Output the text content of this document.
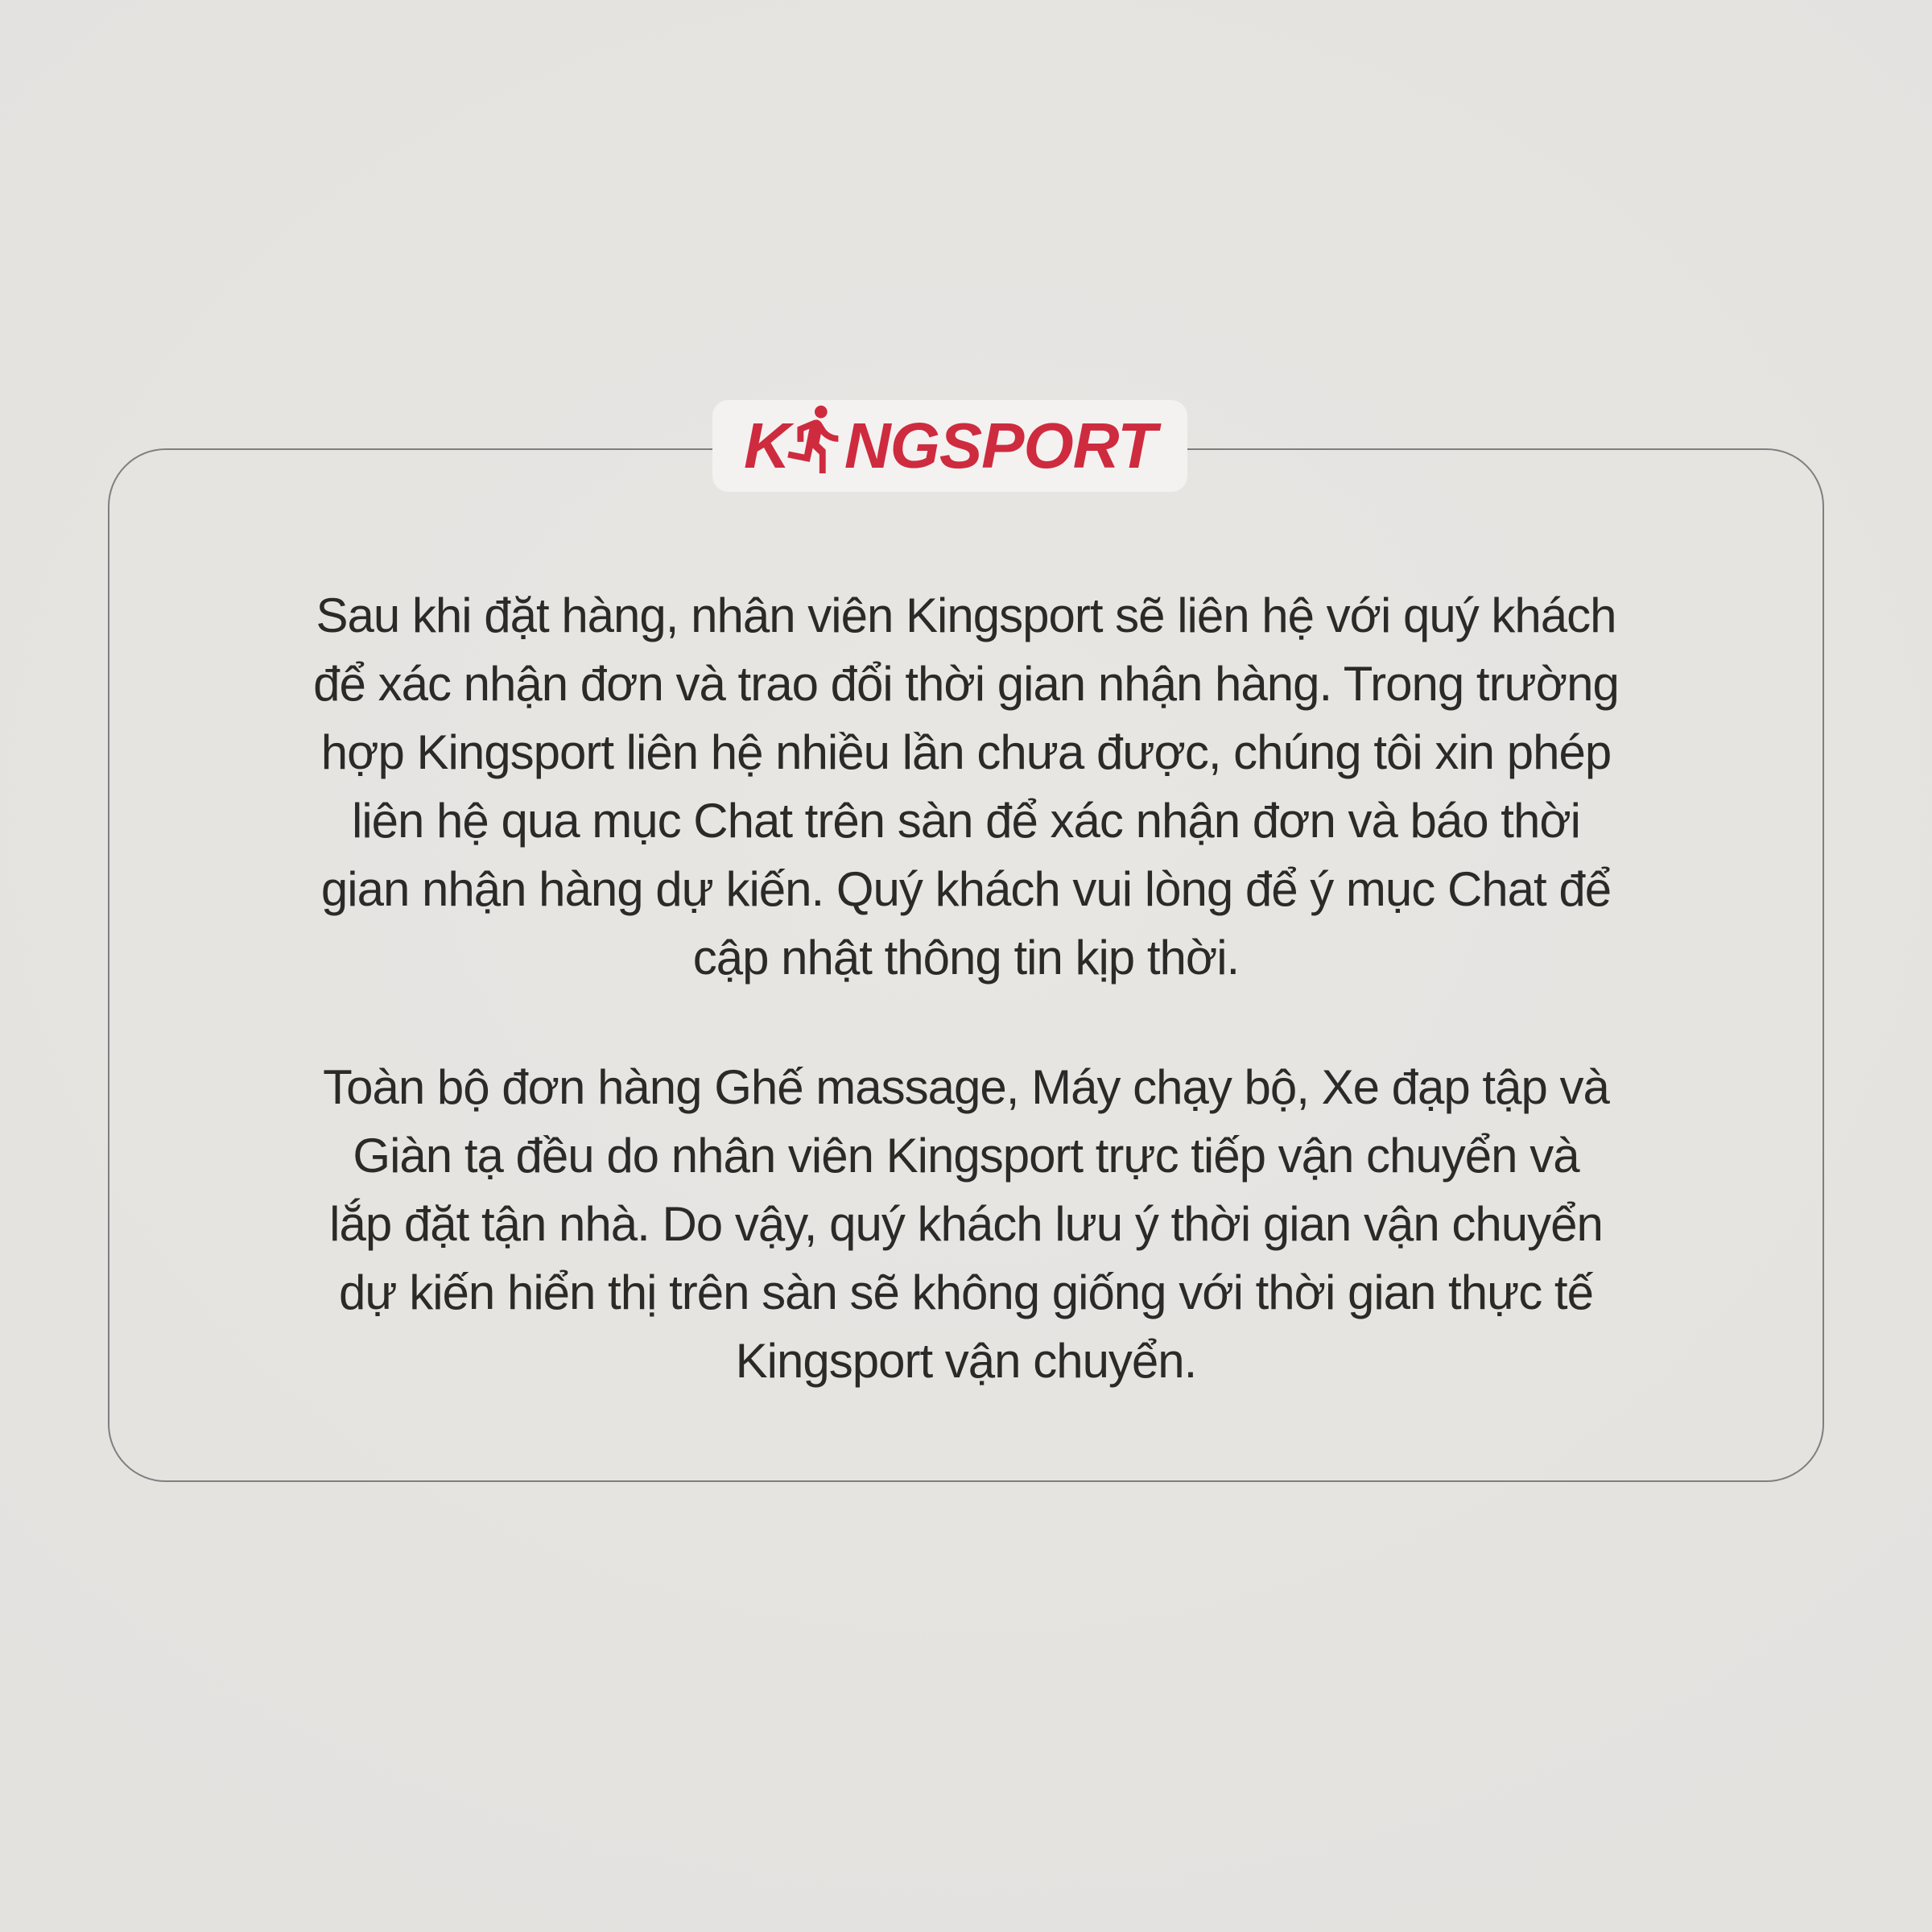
Sau khi đặt hàng, nhân viên Kingsport sẽ liên hệ với quý khách
để xác nhận đơn và trao đổi thời gian nhận hàng. Trong trường
hợp Kingsport liên hệ nhiều lần chưa được, chúng tôi xin phép
liên hệ qua mục Chat trên sàn để xác nhận đơn và báo thời
gian nhận hàng dự kiến. Quý khách vui lòng để ý mục Chat để
cập nhật thông tin kịp thời.
Toàn bộ đơn hàng Ghế massage, Máy chạy bộ, Xe đạp tập và
Giàn tạ đều do nhân viên Kingsport trực tiếp vận chuyển và
lắp đặt tận nhà. Do vậy, quý khách lưu ý thời gian vận chuyển
dự kiến hiển thị trên sàn sẽ không giống với thời gian thực tế
Kingsport vận chuyển.
K NGSPORT
